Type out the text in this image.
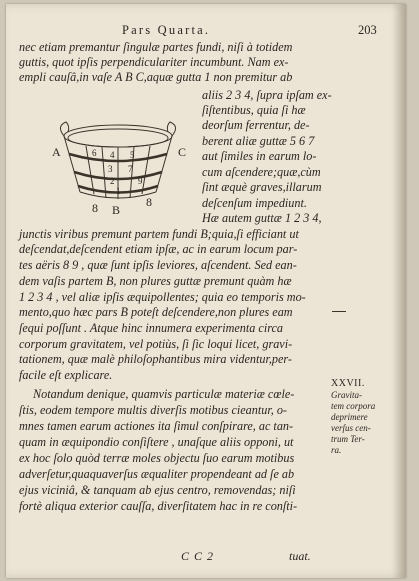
Pars Quarta.	203
6 4 5
3 7
2
1
9
A	C
B
8	8
nec etiam premantur ſingulæ partes fundi, niſi à totidem
guttis, quot ipſis perpendiculariter incumbunt. Nam ex-
empli cauſâ,in vaſe A B C,aquæ gutta 1 non premitur ab
aliis 2 3 4, ſupra ipſam ex-
ſiſtentibus, quia ſi hæ
deorſum ferrentur, de-
berent aliæ guttæ 5 6 7
aut ſimiles in earum lo-
cum aſcendere;quæ,cùm
ſint æquè graves,illarum
deſcenſum impediunt.
Hæ autem guttæ 1 2 3 4,
junctis viribus premunt partem fundi B;quia,ſi efficiant ut
deſcendat,deſcendent etiam ipſæ, ac in earum locum par-
tes aëris 8 9 , quæ ſunt ipſis leviores, aſcendent. Sed ean-
dem vaſis partem B, non plures guttæ premunt quàm hæ
1 2 3 4 , vel aliæ ipſis æquipollentes; quia eo temporis mo-
mento,quo hæc pars B poteſt deſcendere,non plures eam
ſequi poſſunt . Atque hinc innumera experimenta circa
corporum gravitatem, vel potiùs, ſi ſic loqui licet, gravi-
tationem, quæ malè philoſophantibus mira videntur,per-
facile eſt explicare.
Notandum denique, quamvis particulæ materiæ cœle-
ſtis, eodem tempore multis diverſis motibus cieantur, o-
mnes tamen earum actiones ita ſimul conſpirare, ac tan-
quam in æquipondio conſiſtere , unaſque aliis opponi, ut
ex hoc ſolo quòd terræ moles objectu ſuo earum motibus
adverſetur,quaquaverſus æqualiter propendeant ad ſe ab
ejus viciniâ, & tanquam ab ejus centro, removendas; niſi
fortè aliqua exterior cauſſa, diverſitatem hac in re conſti-
XXVII.
Gravita-
tem corpora
deprimere
verſus cen-
trum Ter-
ra.
C C 2	tuat.
